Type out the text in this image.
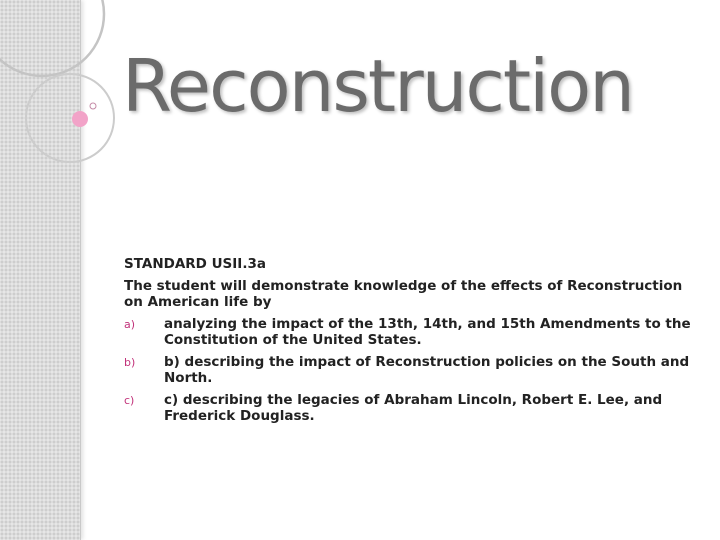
Reconstruction

STANDARD USII.3a

The student will demonstrate knowledge of the effects of Reconstruction on American life by

a)	analyzing the impact of the 13th, 14th, and 15th Amendments to the Constitution of the United States.
b)	b) describing the impact of Reconstruction policies on the South and North.
c)	c) describing the legacies of Abraham Lincoln, Robert E. Lee, and Frederick Douglass.
